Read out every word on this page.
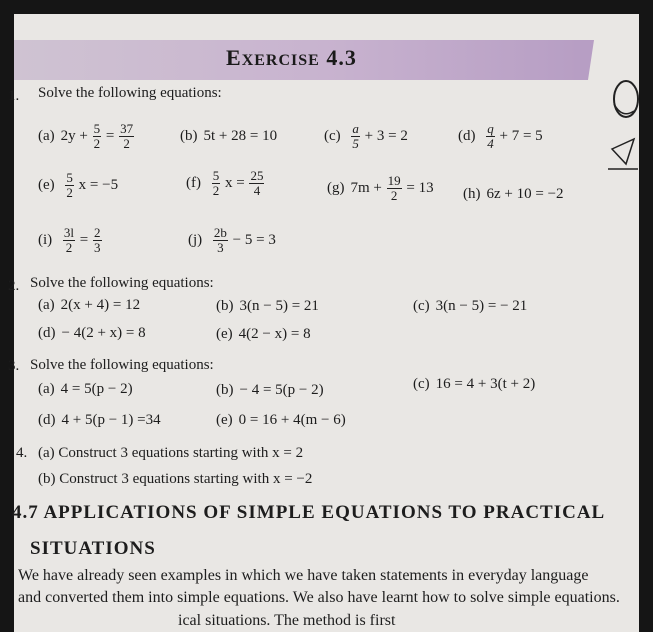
EXERCISE 4.3
1. Solve the following equations:
(a) $2y + \frac{5}{2} = \frac{37}{2}$	(b) 5t + 28 = 10	$(c) \frac{a}{5} + 3 = 2$	$(d) \frac{q}{4} + 7 = 5$
$(e) \frac{5}{2}$ x = −5	$(f) \frac{5}{2}$ $x = \frac{25}{4}$	(g) $7m + \frac{19}{2} = 13$ (h) 6z + 10 = −2
$(i) \frac{3l}{2} = \frac{2}{3}$	$(j) \frac{2b}{3} - 5 = 3$
2. Solve the following equations:
(a) 2(x + 4) = 12	(b) 3(n − 5) = 21	(c) 3(n − 5) = − 21
(d) − 4(2 + x) = 8	(e) 4(2 − x) = 8
3. Solve the following equations:
(a) 4 = 5(p − 2)	(b) − 4 = 5(p − 2)	(c) 16 = 4 + 3(t + 2)
(d) 4 + 5(p − 1) =34	(e) 0 = 16 + 4(m − 6)
4. (a) Construct 3 equations starting with x = 2
(b) Construct 3 equations starting with x = −2
4.7 APPLICATIONS OF SIMPLE EQUATIONS TO PRACTICAL
SITUATIONS
We have already seen examples in which we have taken statements in everyday language
and converted them into simple equations. We also have learnt how to solve simple equations.
ical situations. The method is first
